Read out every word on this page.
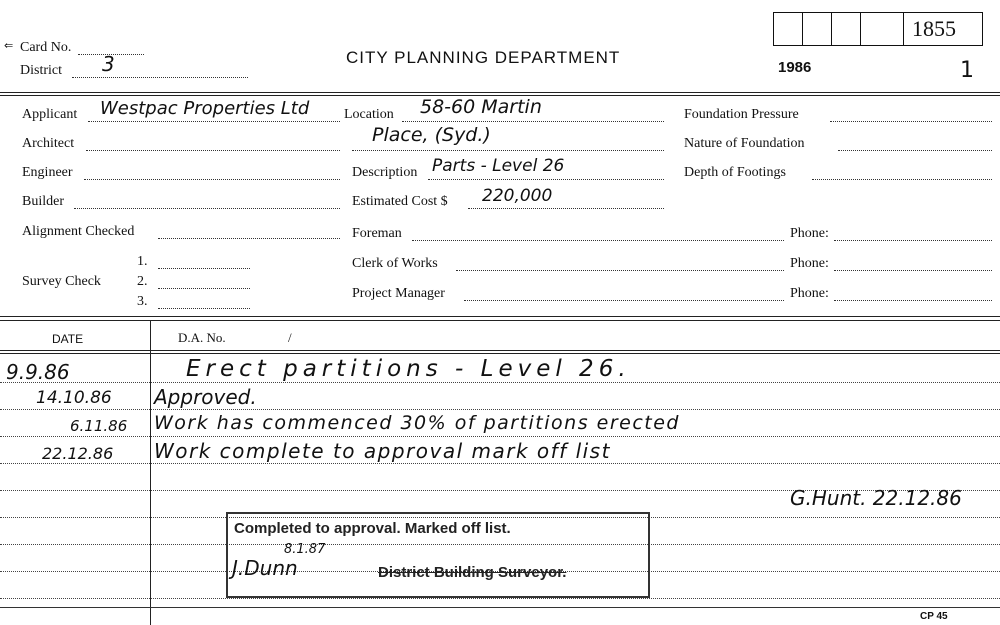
⇐ Card No.
District 3	CITY PLANNING DEPARTMENT
1855
1986	1
Applicant Westpac Properties Ltd
Architect
Engineer
Builder
Alignment Checked
Survey Check
1.
2.
3.
Location 58-60 Martin
Place, (Syd.)
Description Parts - Level 26
Estimated Cost $ 220,000
Foreman	Phone:
Clerk of Works	Phone:
Project Manager	Phone:
Foundation Pressure
Nature of Foundation
Depth of Footings
DATE	D.A. No.	/
9.9.86	Erect partitions - Level 26.
14.10.86 Approved.
6.11.86 Work has commenced 30% of partitions erected
22.12.86 Work complete to approval mark off list
G.Hunt. 22.12.86
Completed to approval. Marked off list.
District Building Surveyor.
8.1.87
J.Dunn
CP 45
